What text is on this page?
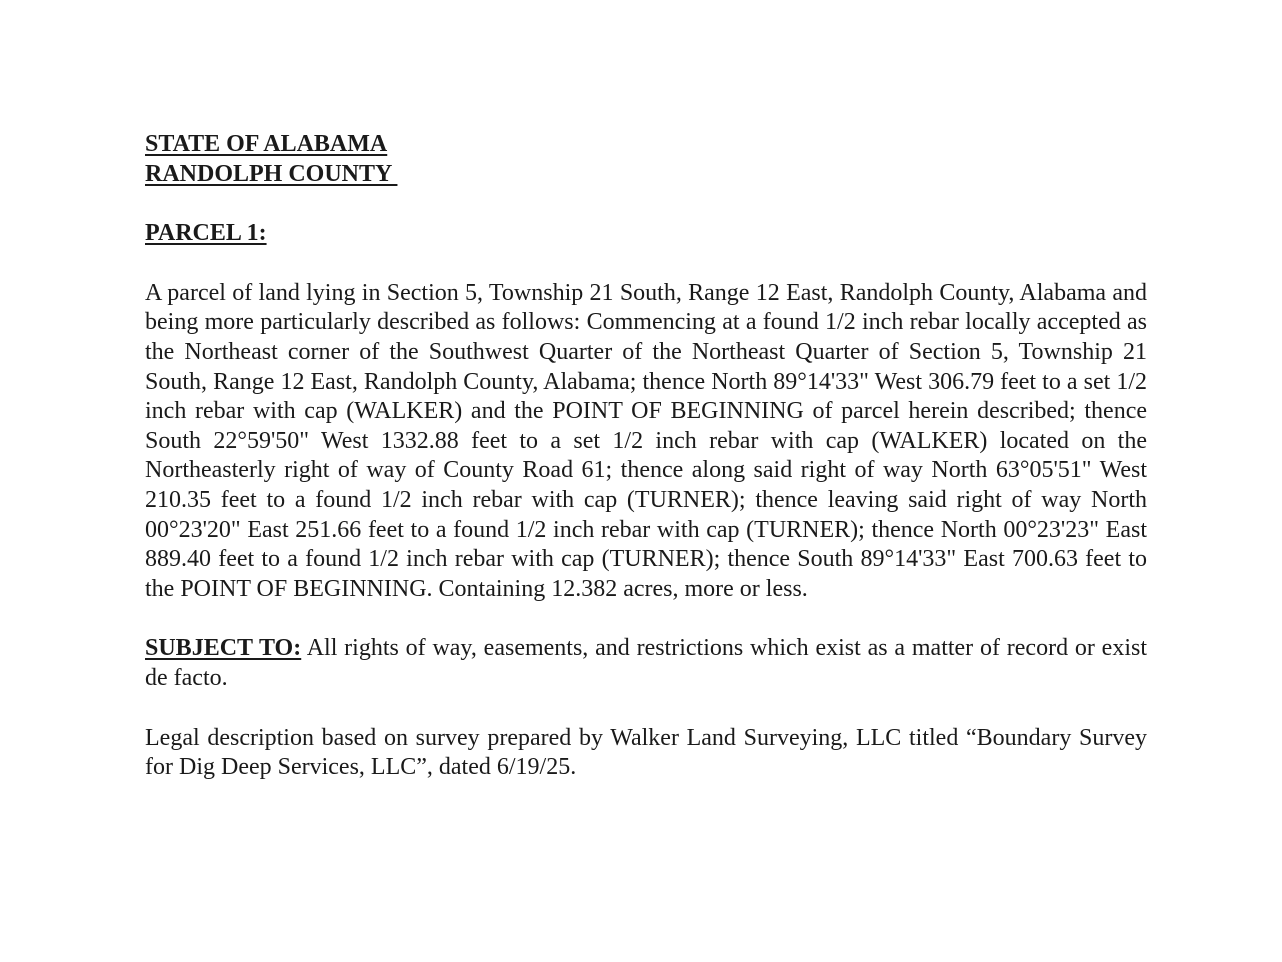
STATE OF ALABAMA
RANDOLPH COUNTY
PARCEL 1:

A parcel of land lying in Section 5, Township 21 South, Range 12 East, Randolph County, Alabama and being more particularly described as follows: Commencing at a found 1/2 inch rebar locally accepted as the Northeast corner of the Southwest Quarter of the Northeast Quarter of Section 5, Township 21 South, Range 12 East, Randolph County, Alabama; thence North 89°14'33" West 306.79 feet to a set 1/2 inch rebar with cap (WALKER) and the POINT OF BEGINNING of parcel herein described; thence South 22°59'50" West 1332.88 feet to a set 1/2 inch rebar with cap (WALKER) located on the Northeasterly right of way of County Road 61; thence along said right of way North 63°05'51" West 210.35 feet to a found 1/2 inch rebar with cap (TURNER); thence leaving said right of way North 00°23'20" East 251.66 feet to a found 1/2 inch rebar with cap (TURNER); thence North 00°23'23" East 889.40 feet to a found 1/2 inch rebar with cap (TURNER); thence South 89°14'33" East 700.63 feet to the POINT OF BEGINNING. Containing 12.382 acres, more or less.

SUBJECT TO: All rights of way, easements, and restrictions which exist as a matter of record or exist de facto.

Legal description based on survey prepared by Walker Land Surveying, LLC titled “Boundary Survey for Dig Deep Services, LLC”, dated 6/19/25.
